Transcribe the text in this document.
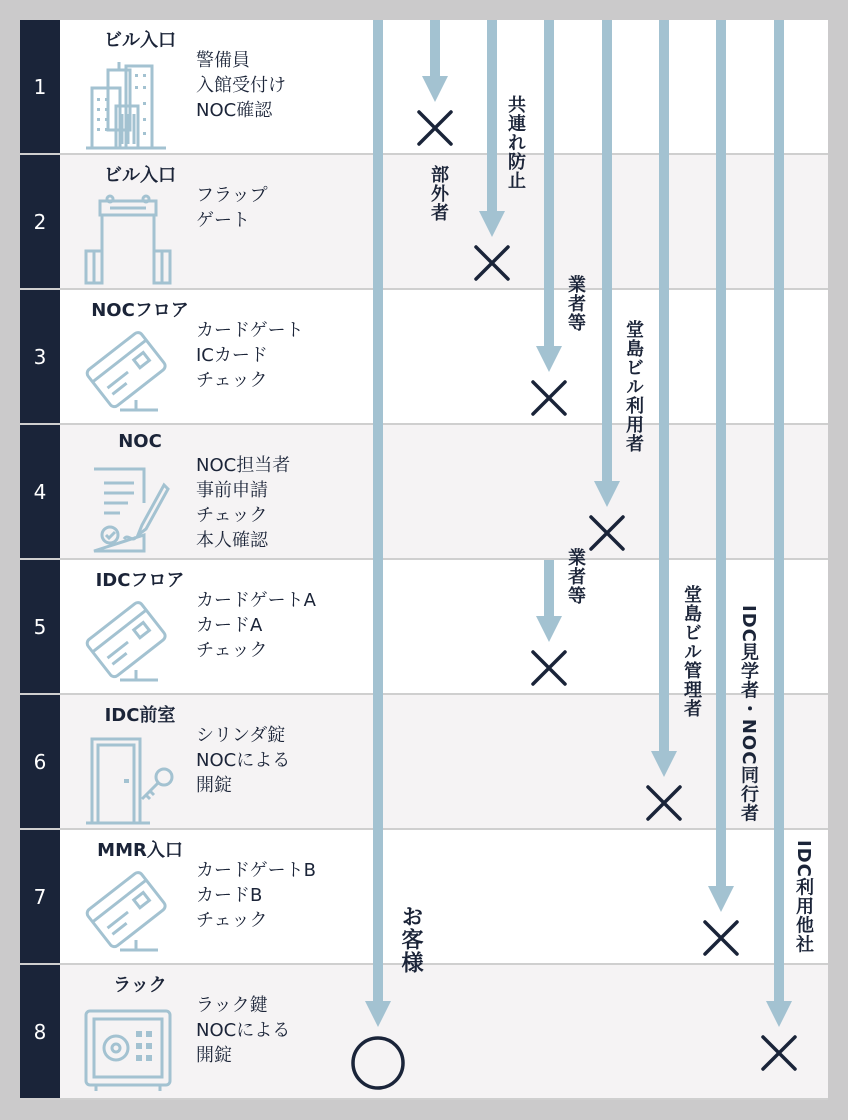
1
ビル入口
警備員
入館受付け
NOC確認
2
ビル入口
フラップ
ゲート
3
NOCフロア
カードゲート
ICカード
チェック
4
NOC
NOC担当者
事前申請
チェック
本人確認
5
IDCフロア
カードゲートA
カードA
チェック
6
IDC前室
シリンダ錠
NOCによる
開錠
7
MMR入口
カードゲートB
カードB
チェック
8
ラック
ラック鍵
NOCによる
開錠
お客様
部外者
共連れ防止
業者等
堂島ビル利用者
業者等
堂島ビル管理者 IDC見学者・NOC同行者
IDC利用他社
